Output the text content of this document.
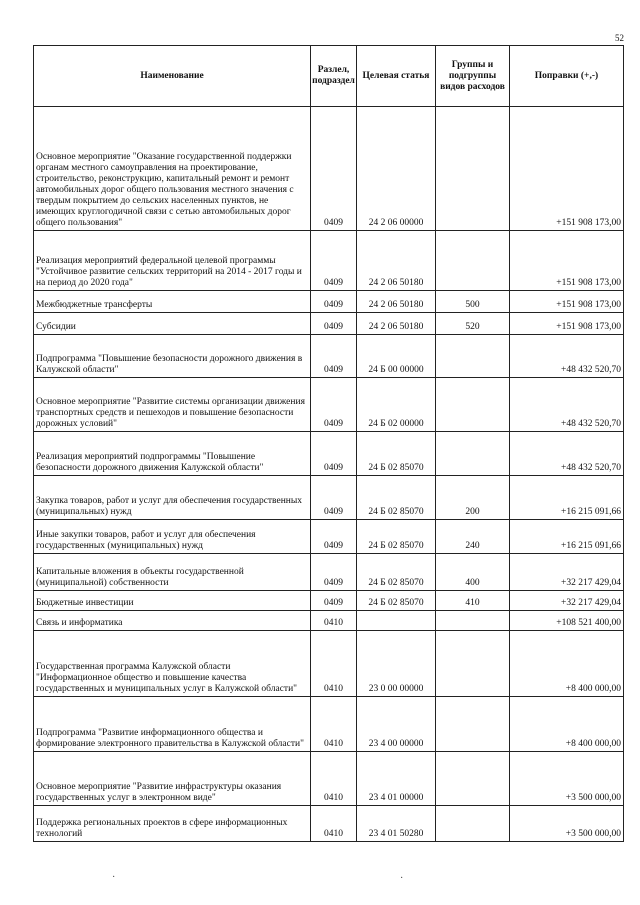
52
Наименование	Разлел, подраздел	Целевая статья	Группы и подгруппы видов расходов	Поправки (+,-)
Основное мероприятие "Оказание государственной поддержки органам местного самоуправления на проектирование, строительство, реконструкцию, капитальный ремонт и ремонт автомобильных дорог общего пользования местного значения с твердым покрытием до сельских населенных пунктов, не имеющих круглогодичной связи с сетью автомобильных дорог общего пользования"	0409	24 2 06 00000		+151 908 173,00
Реализация мероприятий федеральной целевой программы "Устойчивое развитие сельских территорий на 2014 - 2017 годы и на период до 2020 года"	0409	24 2 06 50180		+151 908 173,00
Межбюджетные трансферты	0409	24 2 06 50180	500	+151 908 173,00
Субсидии	0409	24 2 06 50180	520	+151 908 173,00
Подпрограмма "Повышение безопасности дорожного движения в Калужской области"	0409	24 Б 00 00000		+48 432 520,70
Основное мероприятие "Развитие системы организации движения транспортных средств и пешеходов и повышение безопасности дорожных условий"	0409	24 Б 02 00000		+48 432 520,70
Реализация мероприятий подпрограммы "Повышение безопасности дорожного движения Калужской области"	0409	24 Б 02 85070		+48 432 520,70
Закупка товаров, работ и услуг для обеспечения государственных (муниципальных) нужд	0409	24 Б 02 85070	200	+16 215 091,66
Иные закупки товаров, работ и услуг для обеспечения государственных (муниципальных) нужд	0409	24 Б 02 85070	240	+16 215 091,66
Капитальные вложения в объекты государственной (муниципальной) собственности	0409	24 Б 02 85070	400	+32 217 429,04
Бюджетные инвестиции	0409	24 Б 02 85070	410	+32 217 429,04
Связь и информатика	0410			+108 521 400,00
Государственная программа Калужской области "Информационное общество и повышение качества государственных и муниципальных услуг в Калужской области"	0410	23 0 00 00000		+8 400 000,00
Подпрограмма "Развитие информационного общества и формирование электронного правительства в Калужской области"	0410	23 4 00 00000		+8 400 000,00
Основное мероприятие "Развитие инфраструктуры оказания государственных услуг в электронном виде"	0410	23 4 01 00000		+3 500 000,00
Поддержка региональных проектов в сфере информационных технологий	0410	23 4 01 50280		+3 500 000,00
·	·
